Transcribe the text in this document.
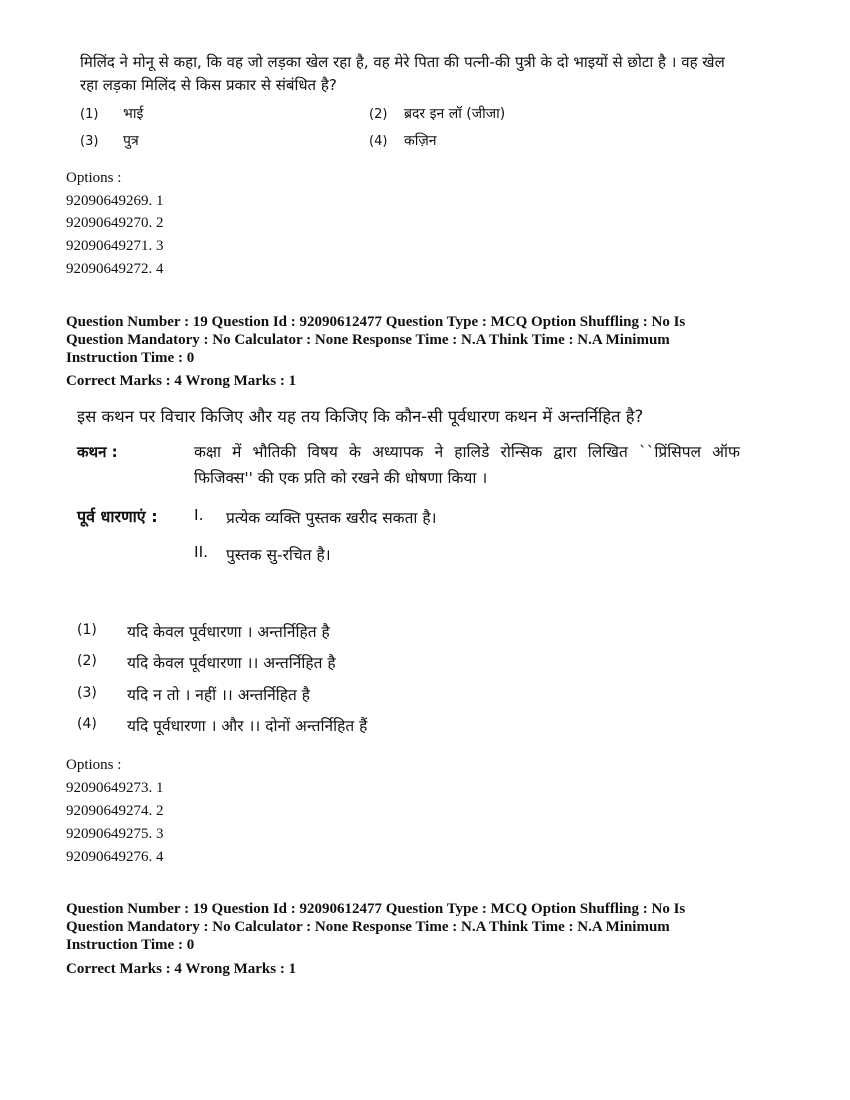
मिलिंद ने मोनू से कहा, कि वह जो लड़का खेल रहा है, वह मेरे पिता की पत्नी-की पुत्री के दो भाइयों से छोटा है । वह खेल रहा लड़का मिलिंद से किस प्रकार से संबंधित है?
(1) भाई	(2) ब्रदर इन लॉ (जीजा)
(3) पुत्र	(4) कज़िन
Options :
92090649269. 1
92090649270. 2
92090649271. 3
92090649272. 4
Question Number : 19 Question Id : 92090612477 Question Type : MCQ Option Shuffling : No Is
Question Mandatory : No Calculator : None Response Time : N.A Think Time : N.A Minimum
Instruction Time : 0
Correct Marks : 4 Wrong Marks : 1
इस कथन पर विचार किजिए और यह तय किजिए कि कौन-सी पूर्वधारण कथन में अन्तर्निहित है?
कथन :	कक्षा में भौतिकी विषय के अध्यापक ने हालिडे रोन्सिक द्वारा लिखित ``प्रिंसिपल ऑफ
फिजिक्स'' की एक प्रति को रखने की धोषणा किया ।
पूर्व धारणाएं : I. प्रत्येक व्यक्ति पुस्तक खरीद सकता है।
II. पुस्तक सु-रचित है।
(1) यदि केवल पूर्वधारणा । अन्तर्निहित है
(2) यदि केवल पूर्वधारणा ।। अन्तर्निहित है
(3) यदि न तो । नहीं ।। अन्तर्निहित है
(4) यदि पूर्वधारणा । और ।। दोनों अन्तर्निहित हैं
Options :
92090649273. 1
92090649274. 2
92090649275. 3
92090649276. 4
Question Number : 19 Question Id : 92090612477 Question Type : MCQ Option Shuffling : No Is
Question Mandatory : No Calculator : None Response Time : N.A Think Time : N.A Minimum
Instruction Time : 0
Correct Marks : 4 Wrong Marks : 1
